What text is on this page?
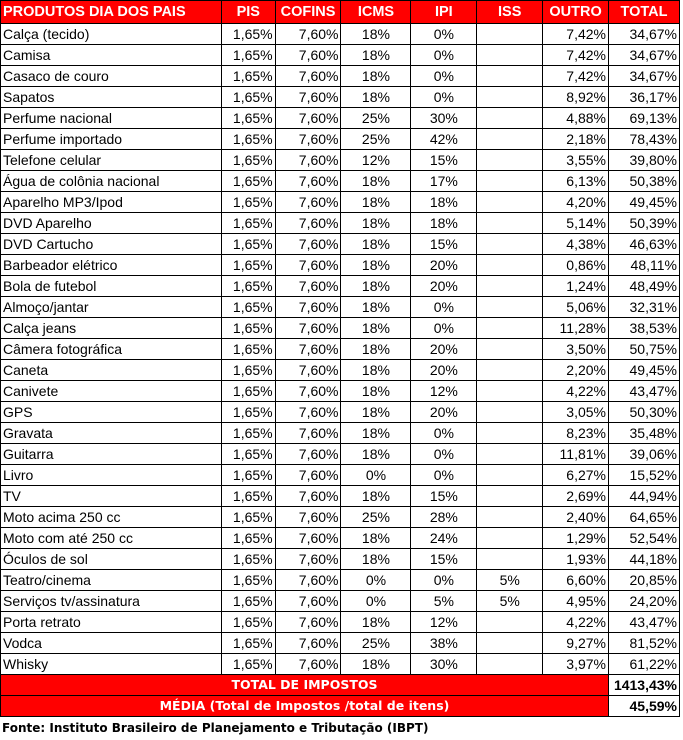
PRODUTOS DIA DOS PAIS	PIS	COFINS	ICMS	IPI	ISS	OUTRO	TOTAL
Calça (tecido)	1,65%	7,60%	18%	0%		7,42%	34,67%
Camisa	1,65%	7,60%	18%	0%		7,42%	34,67%
Casaco de couro	1,65%	7,60%	18%	0%		7,42%	34,67%
Sapatos	1,65%	7,60%	18%	0%		8,92%	36,17%
Perfume nacional	1,65%	7,60%	25%	30%		4,88%	69,13%
Perfume importado	1,65%	7,60%	25%	42%		2,18%	78,43%
Telefone celular	1,65%	7,60%	12%	15%		3,55%	39,80%
Água de colônia nacional	1,65%	7,60%	18%	17%		6,13%	50,38%
Aparelho MP3/Ipod	1,65%	7,60%	18%	18%		4,20%	49,45%
DVD Aparelho	1,65%	7,60%	18%	18%		5,14%	50,39%
DVD Cartucho	1,65%	7,60%	18%	15%		4,38%	46,63%
Barbeador elétrico	1,65%	7,60%	18%	20%		0,86%	48,11%
Bola de futebol	1,65%	7,60%	18%	20%		1,24%	48,49%
Almoço/jantar	1,65%	7,60%	18%	0%		5,06%	32,31%
Calça jeans	1,65%	7,60%	18%	0%		11,28%	38,53%
Câmera fotográfica	1,65%	7,60%	18%	20%		3,50%	50,75%
Caneta	1,65%	7,60%	18%	20%		2,20%	49,45%
Canivete	1,65%	7,60%	18%	12%		4,22%	43,47%
GPS	1,65%	7,60%	18%	20%		3,05%	50,30%
Gravata	1,65%	7,60%	18%	0%		8,23%	35,48%
Guitarra	1,65%	7,60%	18%	0%		11,81%	39,06%
Livro	1,65%	7,60%	0%	0%		6,27%	15,52%
TV	1,65%	7,60%	18%	15%		2,69%	44,94%
Moto acima 250 cc	1,65%	7,60%	25%	28%		2,40%	64,65%
Moto com até 250 cc	1,65%	7,60%	18%	24%		1,29%	52,54%
Óculos de sol	1,65%	7,60%	18%	15%		1,93%	44,18%
Teatro/cinema	1,65%	7,60%	0%	0%	5%	6,60%	20,85%
Serviços tv/assinatura	1,65%	7,60%	0%	5%	5%	4,95%	24,20%
Porta retrato	1,65%	7,60%	18%	12%		4,22%	43,47%
Vodca	1,65%	7,60%	25%	38%		9,27%	81,52%
Whisky	1,65%	7,60%	18%	30%		3,97%	61,22%
TOTAL DE IMPOSTOS							1413,43%
MÉDIA (Total de Impostos /total de itens)							45,59%
Fonte: Instituto Brasileiro de Planejamento e Tributação (IBPT)
